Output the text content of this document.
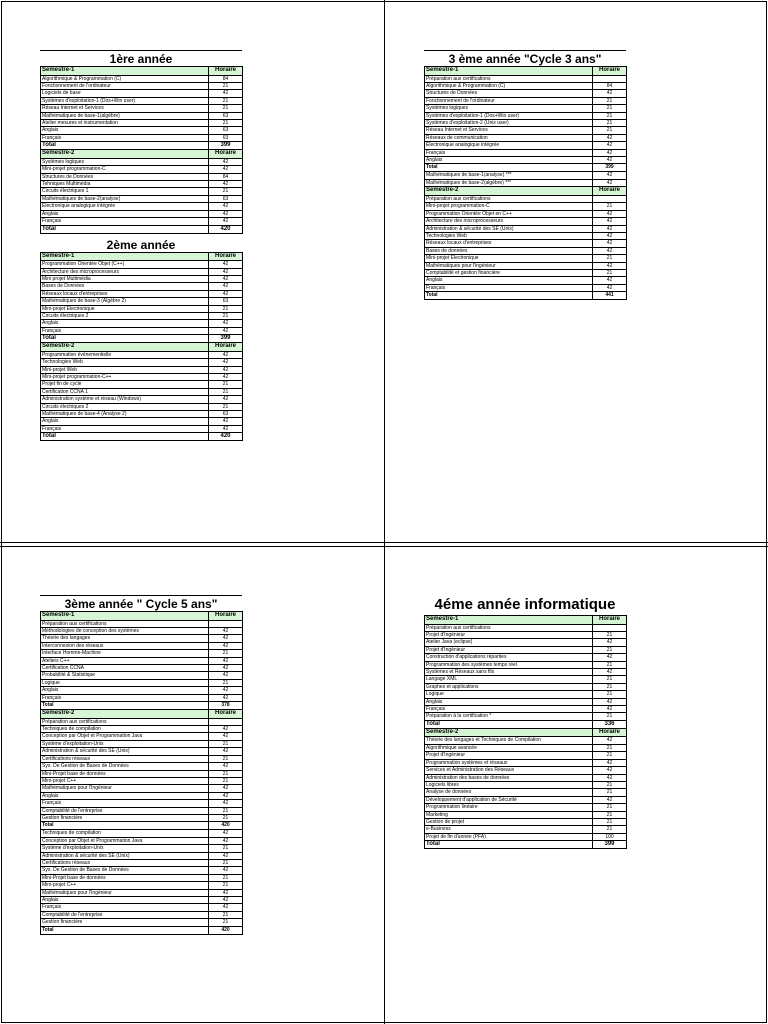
1ère année
Semestre-1	Horaire
Algorithmique & Programmation (C)	84
Fonctionnement de l'ordinateur	21
Logiciels de base	42
Systèmes d'exploitation-1 (Dos+Win user)	21
Réseau Internet et Services	21
Mathématiques de base-1(algèbre)	63
Atelier mesures et instrumentation	21
Anglais	63
Français	63
Total	399
Semestre-2	Horaire
Systèmes logiques	42
Mini-projet programmation-C	42
Structures de Données	84
Tehniques Multimédia	42
Circuits électriques 1	21
Mathématiques de base-2(analyse)	63
Electronique analogique intégrée	42
Anglais	42
Français	42
Total	420
2ème année
Semestre-1	Horaire
Programmation Orientée Objet (C++)	42
Architecture des microprocesseurs	42
Mini projet Multimédia	42
Bases de Données	42
Réseaux locaux d'entreprises	42
Mathématiques de base-3 (Algèbre 2)	63
Mini-projet Electronique	21
Circuits électriques 2	21
Anglais	42
Français	42
Total	399
Semestre-2	Horaire
Programmation événementielle	42
Technologies Web	42
Mini-projet Web	42
Mini-projet programmation-C++	42
Projet fin de cycle	21
Certification CCNA 1	21
Administration système et réseau (Windows)	42
Circuits électriques 2	21
Mathématiques de base-4 (Analyse 2)	63
Anglais	42
Français	42
Total	420
3 ème année "Cycle 3 ans"
Semestre-1	Horaire
Préparation aux certifications	
Algorithmique & Programmation (C)	84
Structures de Données	42
Fonctionnement de l'ordinateur	21
Systèmes logiques	21
Systèmes d'exploitation-1 (Dos+Win user)	21
Systèmes d'exploitation-2 (Unix user)	21
Réseau Internet et Services	21
Réseaux de communication	42
Electronique analogique intégrée	42
Français	42
Anglais	42
Total	399
Mathématiques de base-1(analyse) ***	42
Mathématiques de base-2(algèbre) ***	42
Semestre-2	Horaire
Préparation aux certifications	
Mini-projet programmation-C	21
Programmation Orientée Objet en C++	42
Architecture des microprocesseurs	42
Administration & sécurité des SE (Unix)	42
Technologies Web	42
Réseaux locaux d'entreprises	42
Bases de données	42
Mini-projet Electronique	21
Mathématiques pour l'ingénieur	42
Comptabilité et gestion financière	21
Anglais	42
Français	42
Total	441
3ème année " Cycle 5 ans"
Semestre-1	Horaire
Préparation aux certifications	
Méthodologies de conception des systèmes	42
Théorie des langages	42
Interconnexion des réseaux	42
Interface Homme-Machine	21
Ateliers C++	42
Certification CCNA	42
Probabilité & Statistique	42
Logique	21
Anglais	42
Français	42
Total	378
Semestre-2	Horaire
Préparation aux certifications	
Techniques de compilation	42
Conception par Objet et Programmation Java	42
Système d'exploitation-Unix	21
Administration & sécurité des SE (Unix)	42
Certifications réseaux	21
Sys. De Gestion de Bases de Données	42
Mini-Projet base de données	21
Mini-projet C++	21
Mathématiques pour l'Ingénieur	42
Anglais	42
Français	42
Comptabilité de l'entreprise	21
Gestion financière	21
Total	420
Techniques de compilation	42
Conception par Objet et Programmation Java	42
Système d'exploitation-Unix	21
Administration & sécurité des SE (Unix)	42
Certifications réseaux	21
Sys. De Gestion de Bases de Données	42
Mini-Projet base de données	21
Mini-projet C++	21
Mathématiques pour l'Ingénieur	42
Anglais	42
Français	42
Comptabilité de l'entreprise	21
Gestion financière	21
Total	420
4éme année informatique
Semestre-1	Horaire
Préparation aux certifications	
Projet d'Ingénieur	21
Atelier Java (eclipse)	42
Projet d'Ingénieur	21
Construction d'applications réparties	42
Programmation des systèmes temps réel	21
Systèmes et Réseaux sans fils	42
Langage XML	21
Graphes et applications	21
Logique	21
Anglais	42
Français	42
Préparation à la certification *	21
Total	336
Semestre-2	Horaire
Théorie des langages et Techniques de Compilation	42
Algorithmique avancée	21
Projet d'Ingénieur	21
Programmation systèmes et réseaux	42
Services et Administration des Réseaux	42
Administration des bases de données	42
Logiciels libres	21
Analyse de données	21
Développement d'application de Sécurité	42
Programmation linéaire	21
Marketing	21
Gestion de projet	21
e-Business	21
Projet de fin d'année (PFA)	100
Total	399
